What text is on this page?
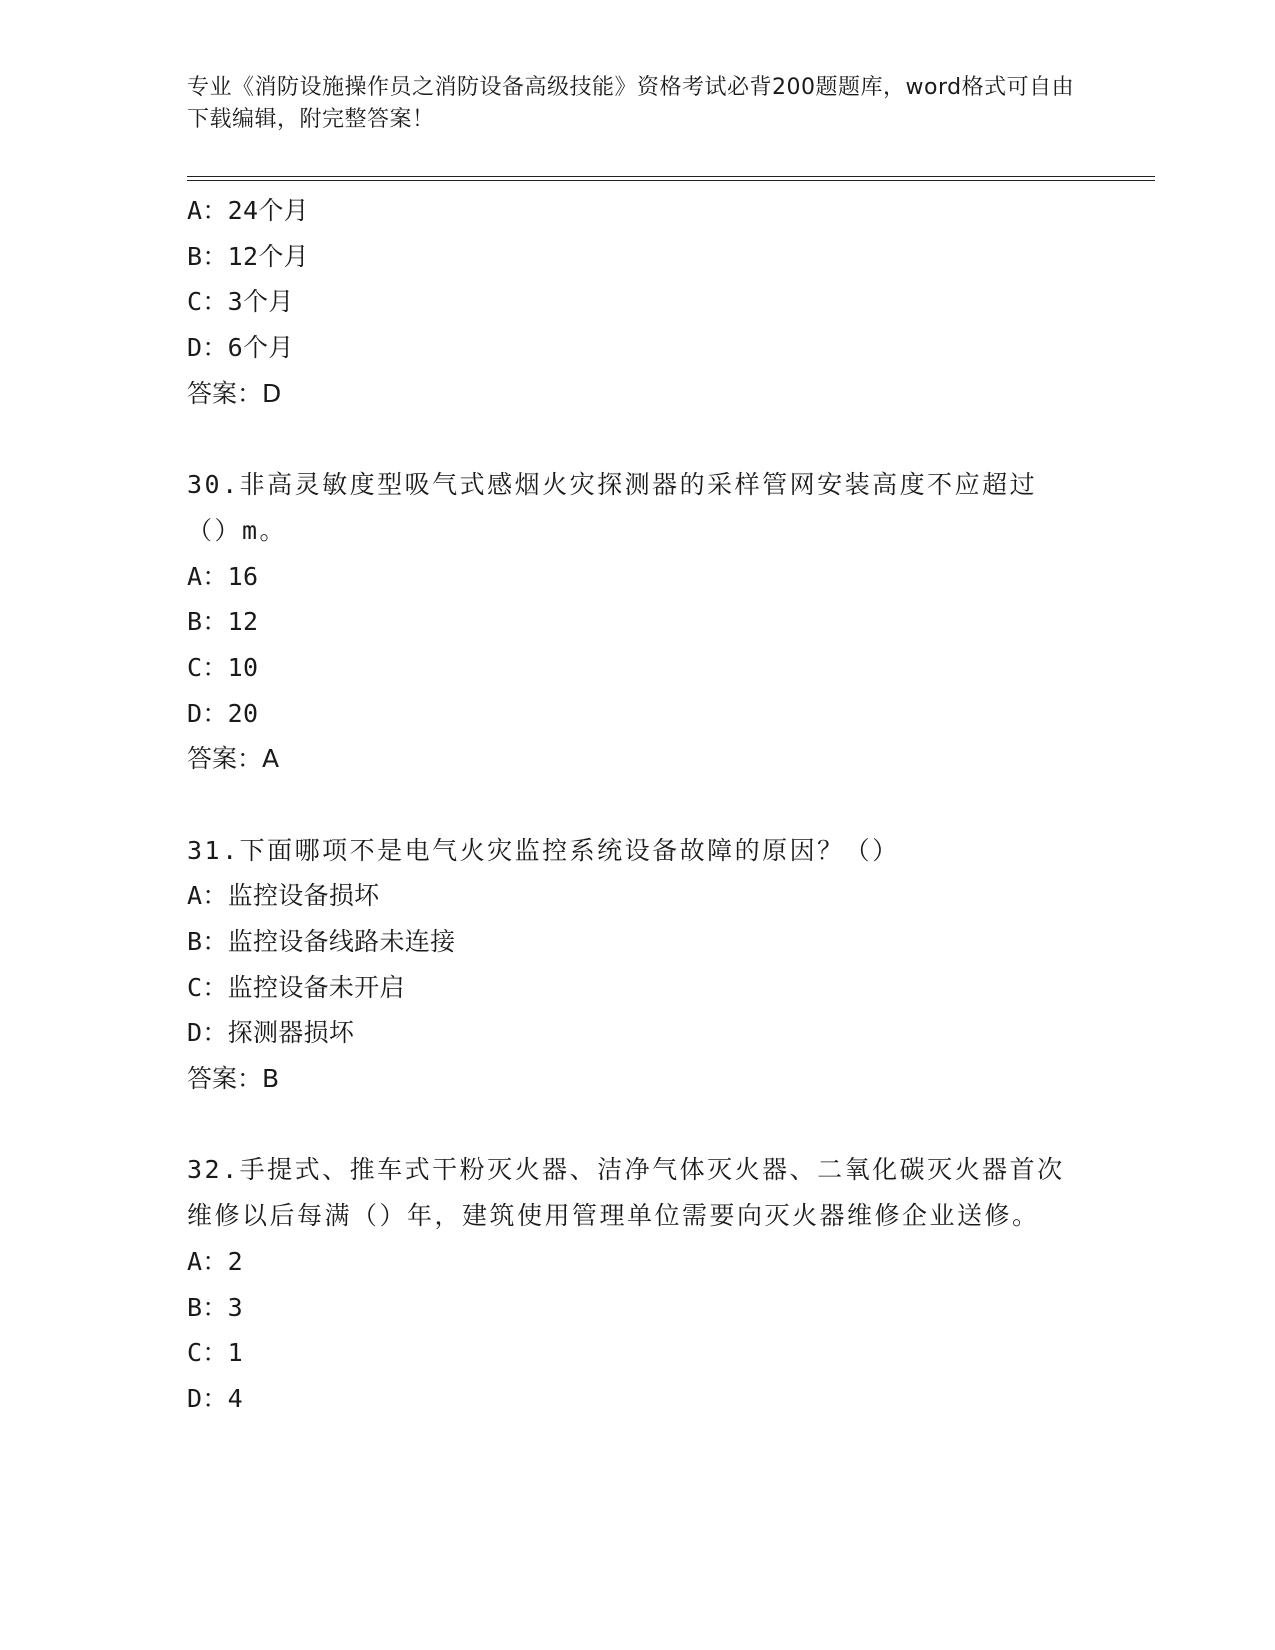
专业《消防设施操作员之消防设备高级技能》资格考试必背200题题库，word格式可自由下载编辑，附完整答案！
A：24个月
B：12个月
C：3个月
D：6个月
答案：D
30.非高灵敏度型吸气式感烟火灾探测器的采样管网安装高度不应超过（）m。
A：16
B：12
C：10
D：20
答案：A
31.下面哪项不是电气火灾监控系统设备故障的原因？（）
A：监控设备损坏
B：监控设备线路未连接
C：监控设备未开启
D：探测器损坏
答案：B
32.手提式、推车式干粉灭火器、洁净气体灭火器、二氧化碳灭火器首次维修以后每满（）年，建筑使用管理单位需要向灭火器维修企业送修。
A：2
B：3
C：1
D：4
